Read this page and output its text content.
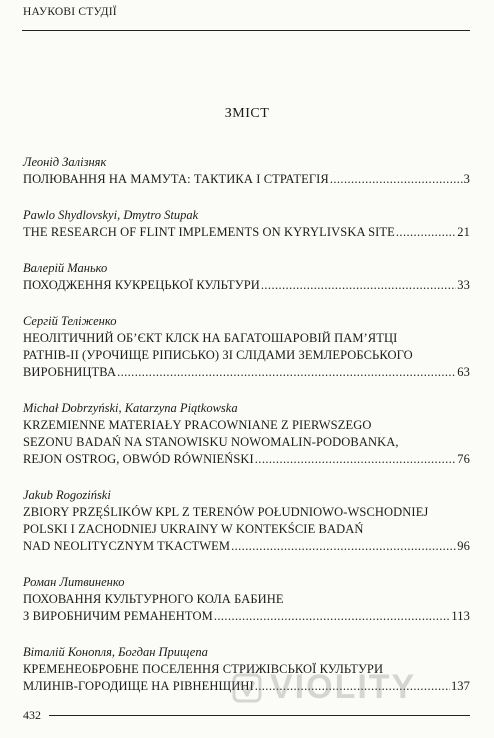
НАУКОВІ СТУДІЇ
ЗМІСТ
Леонід Залізняк
ПОЛЮВАННЯ НА МАМУТА: ТАКТИКА І СТРАТЕГІЯ .....	3
Pawlo Shydlovskyi, Dmytro Stupak
THE RESEARCH OF FLINT IMPLEMENTS ON KYRYLIVSKA SITE .....	21
Валерій Манько
ПОХОДЖЕННЯ КУКРЕЦЬКОЇ КУЛЬТУРИ .....	33
Сергій Теліженко
НЕОЛІТИЧНИЙ ОБ’ЄКТ КЛСК НА БАГАТОШАРОВІЙ ПАМ’ЯТЦІ
РАТНІВ-ІІ (УРОЧИЩЕ РІПИСЬКО) ЗІ СЛІДАМИ ЗЕМЛЕРОБСЬКОГО
ВИРОБНИЦТВА .....	63
Michał Dobrzyński, Katarzyna Piątkowska
KRZEMIENNE MATERIAŁY PRACOWNIANE Z PIERWSZEGO
SEZONU BADAŃ NA STANOWISKU NOWOMALIN-PODOBANKA,
REJON OSTROG, OBWÓD RÓWNIEŃSKI .....	76
Jakub Rogoziński
ZBIORY PRZĘŚLIKÓW KPL Z TERENÓW POŁUDNIOWO-WSCHODNIEJ
POLSKI I ZACHODNIEJ UKRAINY W KONTEKŚCIE BADAŃ
NAD NEOLITYCZNYM TKACTWEM .....	96
Роман Литвиненко
ПОХОВАННЯ КУЛЬТУРНОГО КОЛА БАБИНЕ
З ВИРОБНИЧИМ РЕМАНЕНТОМ .....	113
Віталій Конопля, Богдан Прищепа
КРЕМЕНЕОБРОБНЕ ПОСЕЛЕННЯ СТРИЖІВСЬКОЇ КУЛЬТУРИ
МЛИНІВ-ГОРОДИЩЕ НА РІВНЕНЩИНІ .....	137
432
VIOLITY
